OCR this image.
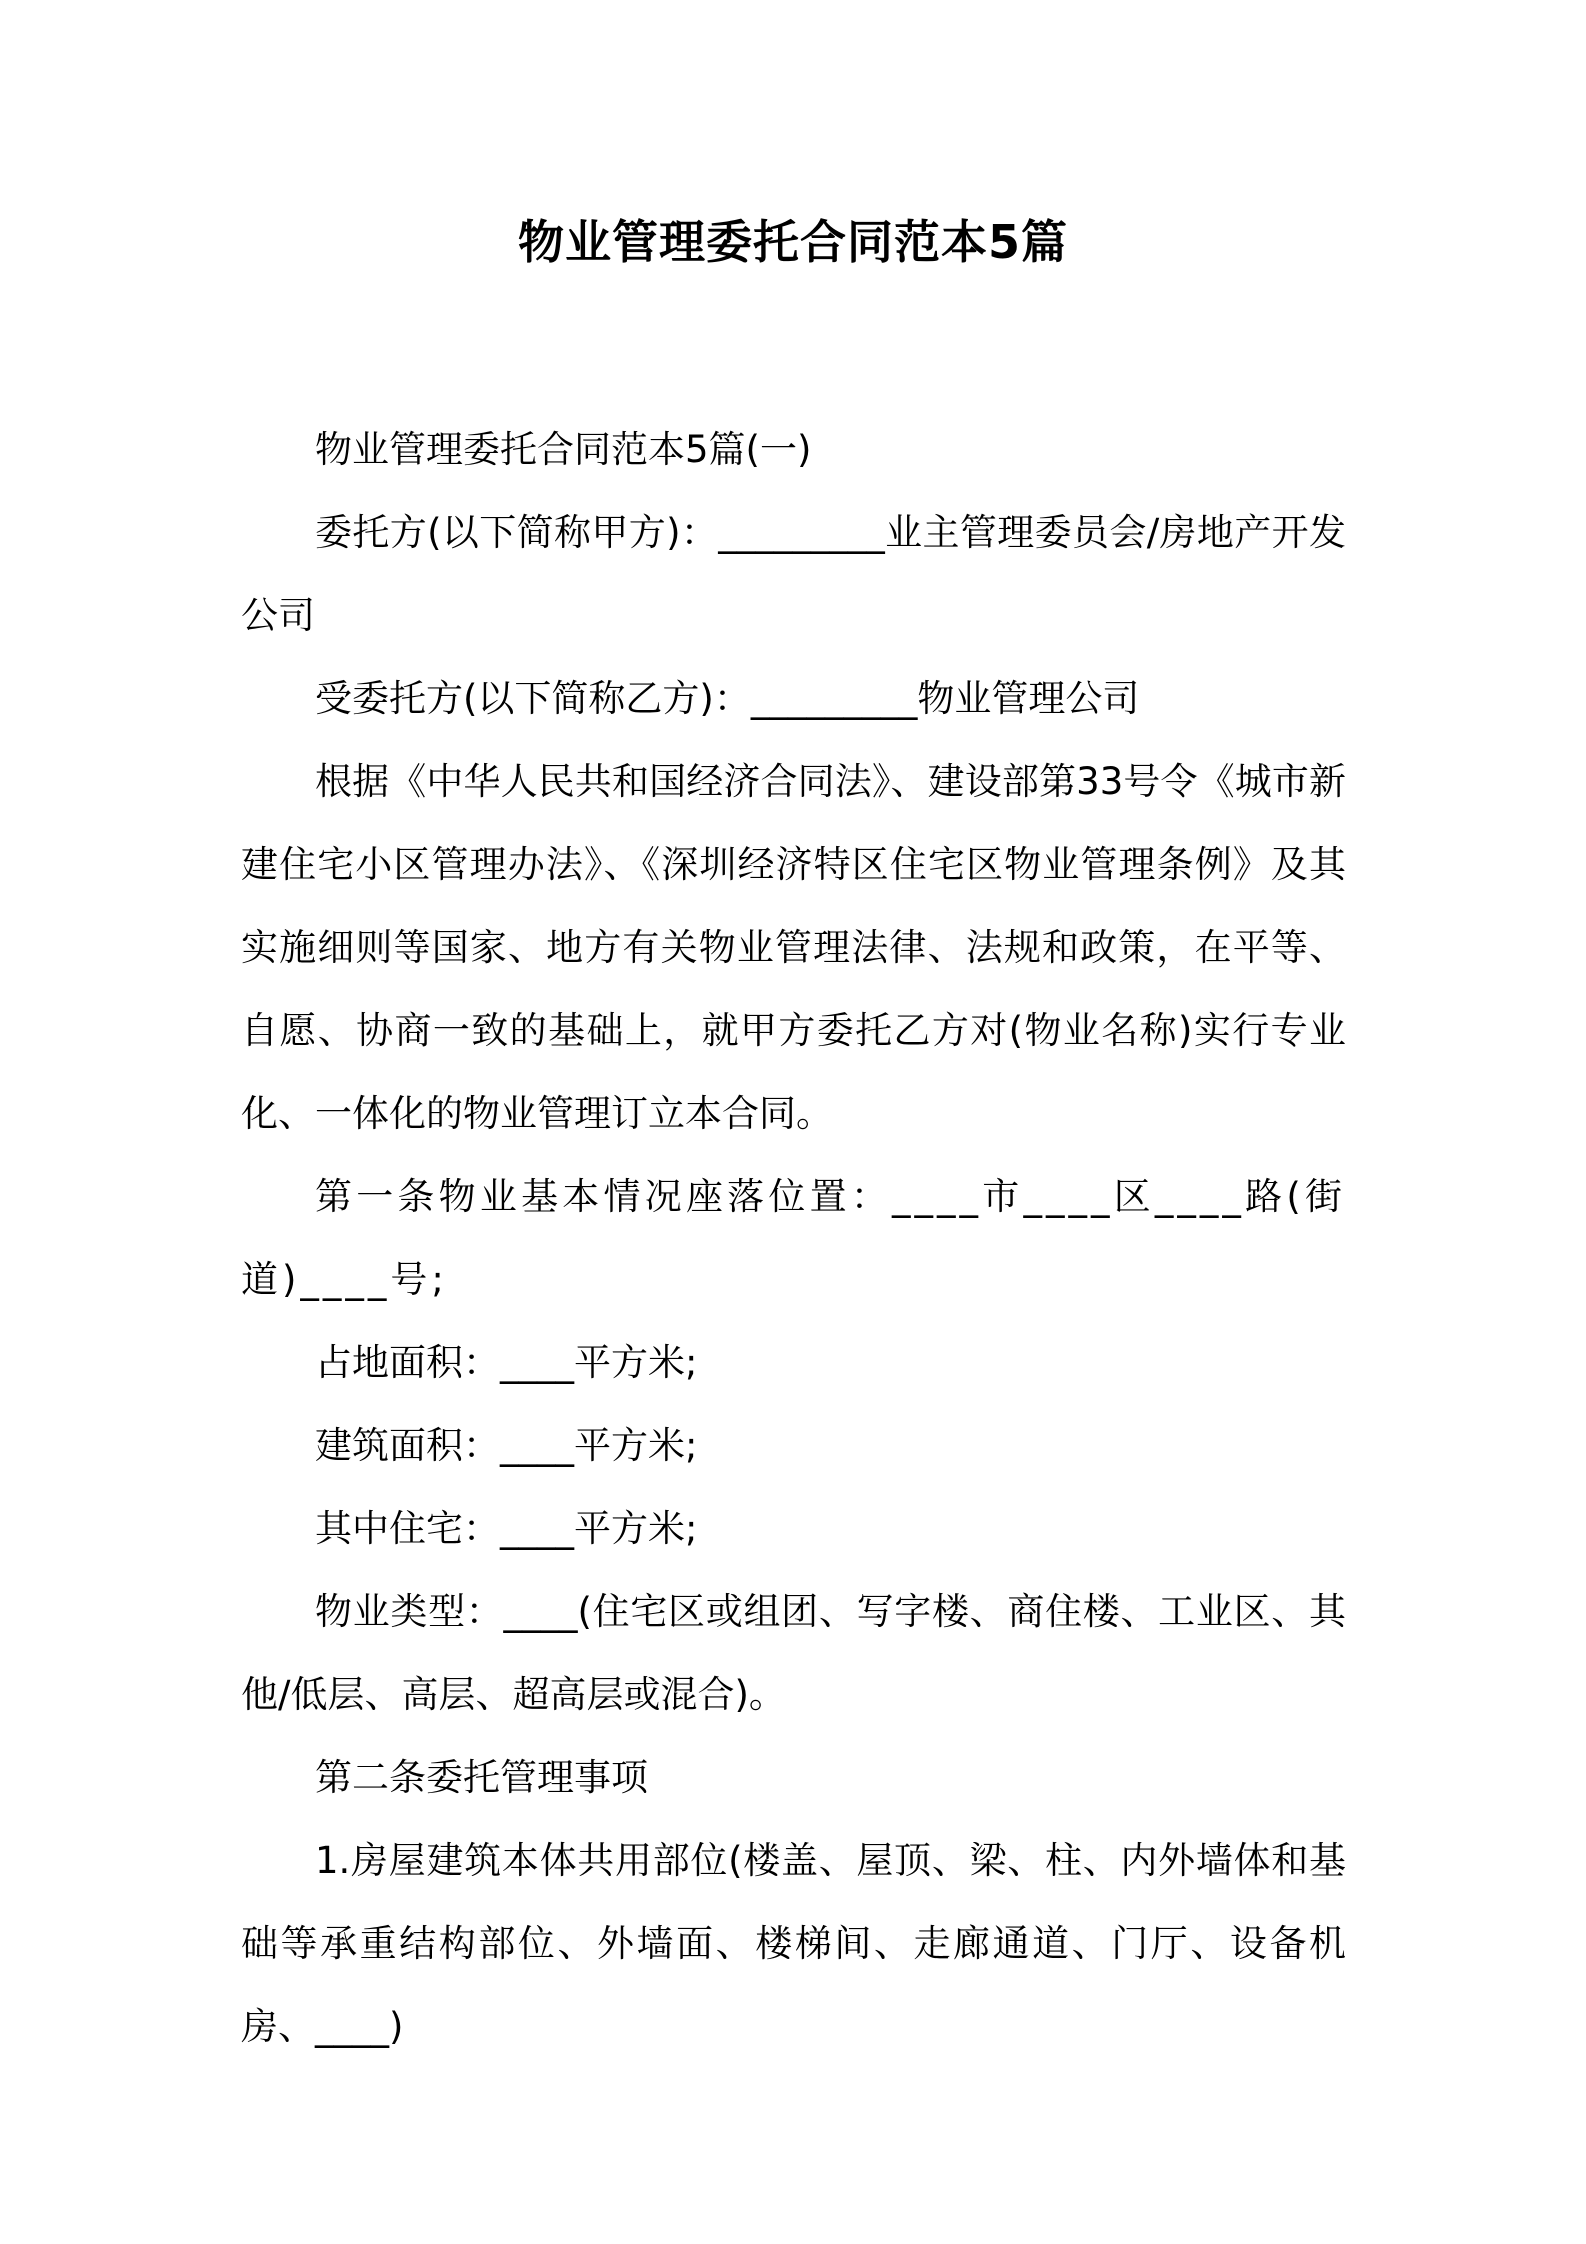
物业管理委托合同范本5篇

物业管理委托合同范本5篇(一)

委托方(以下简称甲方)：_________业主管理委员会/房地产开发公司

受委托方(以下简称乙方)：_________物业管理公司

根据《中华人民共和国经济合同法》、建设部第33号令《城市新建住宅小区管理办法》、《深圳经济特区住宅区物业管理条例》及其实施细则等国家、地方有关物业管理法律、法规和政策，在平等、自愿、协商一致的基础上，就甲方委托乙方对(物业名称)实行专业化、一体化的物业管理订立本合同。

第一条物业基本情况座落位置：____市____区____路(街道)____号;

占地面积：____平方米;

建筑面积：____平方米;

其中住宅：____平方米;

物业类型：____(住宅区或组团、写字楼、商住楼、工业区、其他/低层、高层、超高层或混合)。

第二条委托管理事项

1.房屋建筑本体共用部位(楼盖、屋顶、梁、柱、内外墙体和基础等承重结构部位、外墙面、楼梯间、走廊通道、门厅、设备机房、____)
